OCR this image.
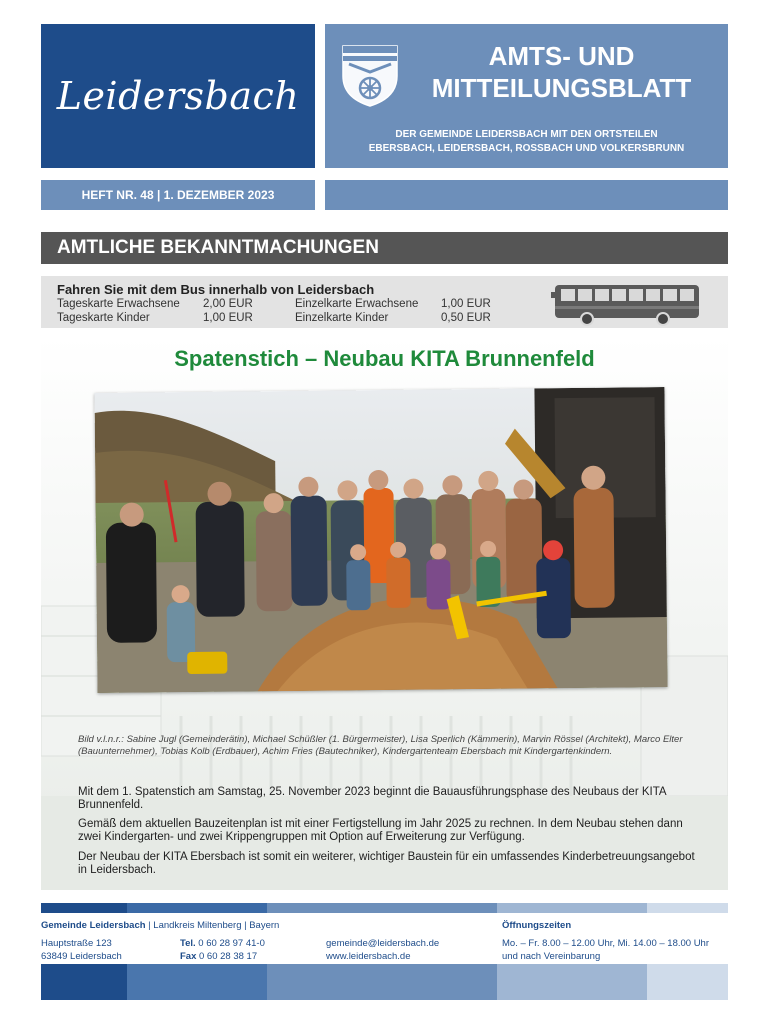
Leidersbach
AMTS- UND
MITTEILUNGSBLATT
DER GEMEINDE LEIDERSBACH MIT DEN ORTSTEILEN
EBERSBACH, LEIDERSBACH, ROSSBACH UND VOLKERSBRUNN
HEFT NR. 48 | 1. DEZEMBER 2023
AMTLICHE BEKANNTMACHUNGEN
Fahren Sie mit dem Bus innerhalb von Leidersbach
Tageskarte Erwachsene 2,00 EUR	Einzelkarte Erwachsene 1,00 EUR
Tageskarte Kinder	1,00 EUR	Einzelkarte Kinder	0,50 EUR
Spatenstich – Neubau KITA Brunnenfeld
Bild v.l.n.r.: Sabine Jugl (Gemeinderätin), Michael Schüßler (1. Bürgermeister), Lisa Sperlich (Kämmerin), Marvin Rössel (Architekt), Marco Elter (Bauunternehmer), Tobias Kolb (Erdbauer), Achim Fries (Bautechniker), Kindergartenteam Ebersbach mit Kindergartenkindern.
Mit dem 1. Spatenstich am Samstag, 25. November 2023 beginnt die Bauausführungsphase des Neubaus der KITA Brunnenfeld.
Gemäß dem aktuellen Bauzeitenplan ist mit einer Fertigstellung im Jahr 2025 zu rechnen. In dem Neubau stehen dann zwei Kindergarten- und zwei Krippengruppen mit Option auf Erweiterung zur Verfügung.
Der Neubau der KITA Ebersbach ist somit ein weiterer, wichtiger Baustein für ein umfassendes Kinderbetreuungsangebot in Leidersbach.
Gemeinde Leidersbach | Landkreis Miltenberg | Bayern	Öffnungszeiten
Hauptstraße 123
63849 Leidersbach
Tel. 0 60 28 97 41-0
Fax 0 60 28 38 17
gemeinde@leidersbach.de
www.leidersbach.de
Mo. – Fr. 8.00 – 12.00 Uhr, Mi. 14.00 – 18.00 Uhr
und nach Vereinbarung
